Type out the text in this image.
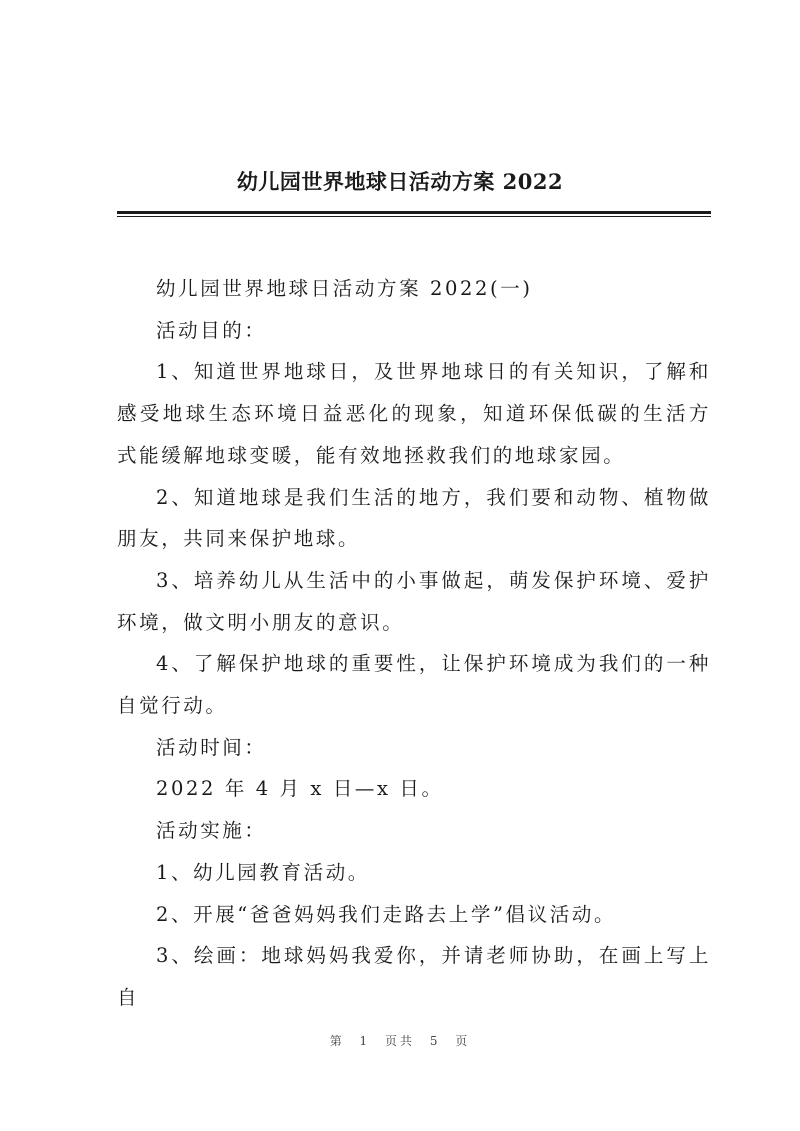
幼儿园世界地球日活动方案 2022

幼儿园世界地球日活动方案 2022(一)

活动目的：

1、知道世界地球日，及世界地球日的有关知识，了解和感受地球生态环境日益恶化的现象，知道环保低碳的生活方式能缓解地球变暖，能有效地拯救我们的地球家园。

2、知道地球是我们生活的地方，我们要和动物、植物做朋友，共同来保护地球。

3、培养幼儿从生活中的小事做起，萌发保护环境、爱护环境，做文明小朋友的意识。

4、了解保护地球的重要性，让保护环境成为我们的一种自觉行动。

活动时间：

2022 年 4 月 x 日—x 日。

活动实施：

1、幼儿园教育活动。

2、开展“爸爸妈妈我们走路去上学”倡议活动。

3、绘画：地球妈妈我爱你，并请老师协助，在画上写上自

第 1 页共 5 页
